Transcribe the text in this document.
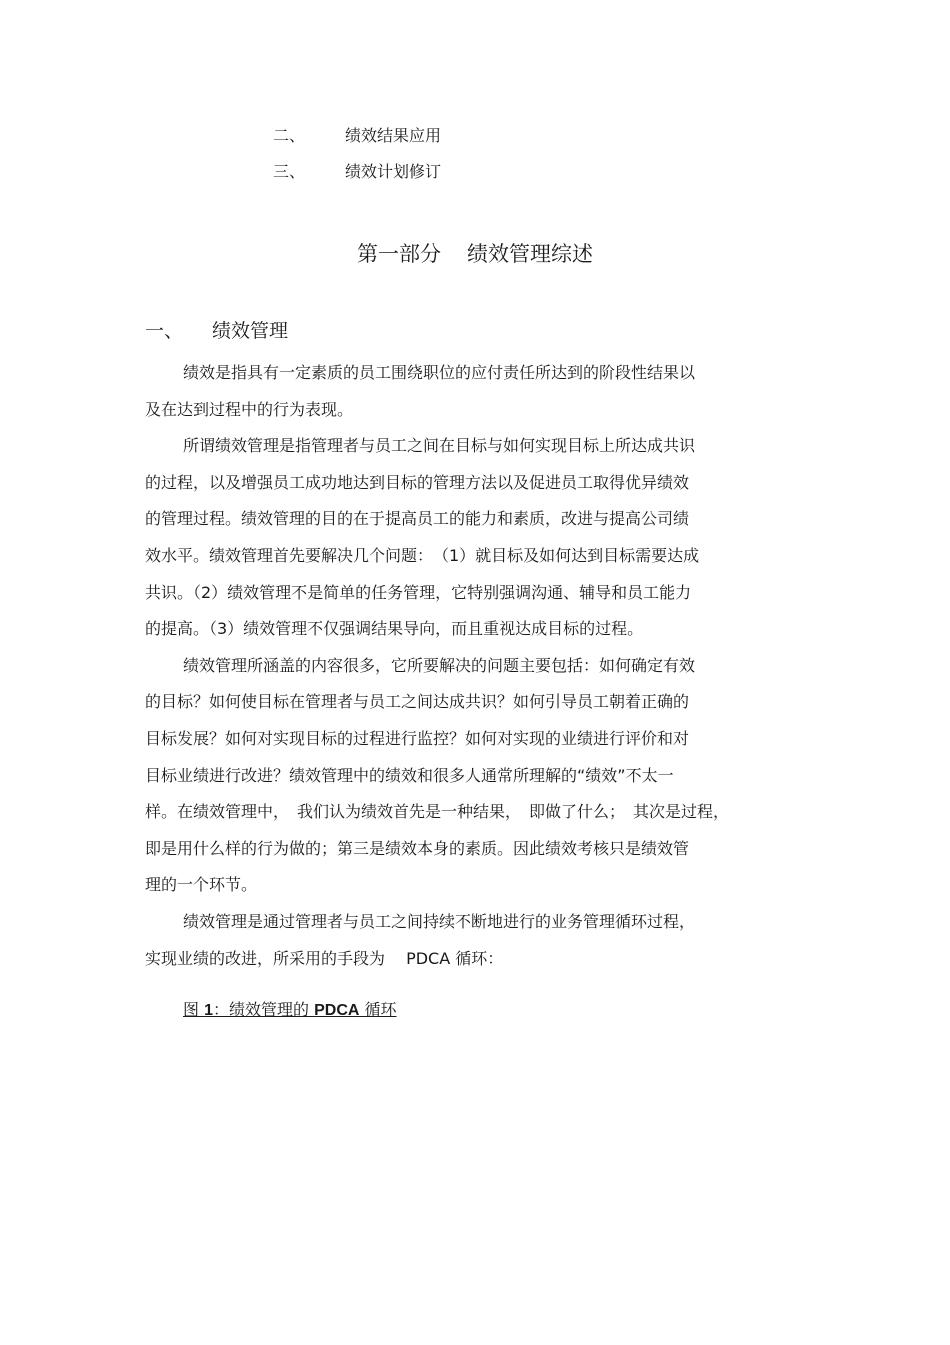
二、 绩效结果应用
三、 绩效计划修订
第一部分 绩效管理综述
一、 绩效管理

绩效是指具有一定素质的员工围绕职位的应付责任所达到的阶段性结果以
及在达到过程中的行为表现。

所谓绩效管理是指管理者与员工之间在目标与如何实现目标上所达成共识
的过程，以及增强员工成功地达到目标的管理方法以及促进员工取得优异绩效
的管理过程。绩效管理的目的在于提高员工的能力和素质，改进与提高公司绩
效水平。绩效管理首先要解决几个问题：　（1）就目标及如何达到目标需要达成
共识。（2）绩效管理不是简单的任务管理，它特别强调沟通、辅导和员工能力
的提高。（3）绩效管理不仅强调结果导向，而且重视达成目标的过程。

绩效管理所涵盖的内容很多，它所要解决的问题主要包括：如何确定有效
的目标？如何使目标在管理者与员工之间达成共识？如何引导员工朝着正确的
目标发展？如何对实现目标的过程进行监控？如何对实现的业绩进行评价和对
目标业绩进行改进？绩效管理中的绩效和很多人通常所理解的“绩效”不太一
样。在绩效管理中，　我们认为绩效首先是一种结果，　即做了什么；　其次是过程，
即是用什么样的行为做的；第三是绩效本身的素质。因此绩效考核只是绩效管
理的一个环节。

绩效管理是通过管理者与员工之间持续不断地进行的业务管理循环过程，
实现业绩的改进，所采用的手段为　 PDCA 循环：

图 1：绩效管理的 PDCA 循环
